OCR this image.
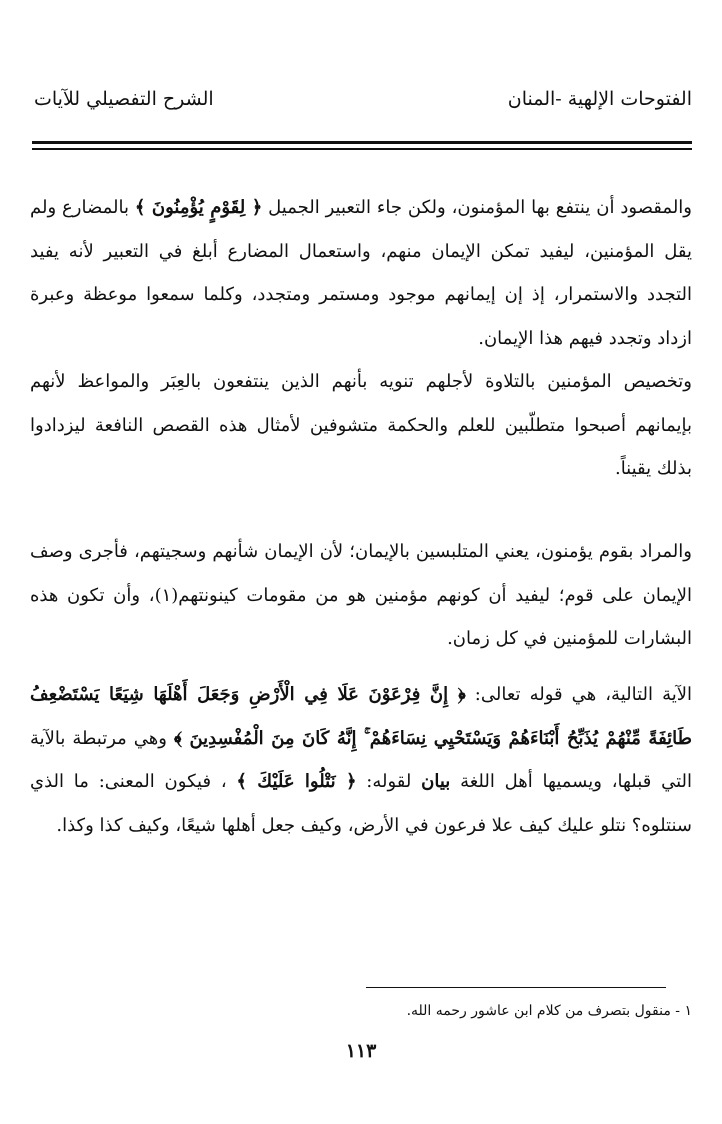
الفتوحات الإلهية -المنان
الشرح التفصيلي للآيات

والمقصود أن ينتفع بها المؤمنون، ولكن جاء التعبير الجميل ﴿ لِقَوْمٍ يُؤْمِنُونَ ﴾ بالمضارع ولم يقل المؤمنين، ليفيد تمكن الإيمان منهم، واستعمال المضارع أبلغ في التعبير لأنه يفيد التجدد والاستمرار، إذ إن إيمانهم موجود ومستمر ومتجدد، وكلما سمعوا موعظة وعبرة ازداد وتجدد فيهم هذا الإيمان.

وتخصيص المؤمنين بالتلاوة لأجلهم تنويه بأنهم الذين ينتفعون بالعِبَر والمواعظ لأنهم بإيمانهم أصبحوا متطلّبين للعلم والحكمة متشوفين لأمثال هذه القصص النافعة ليزدادوا بذلك يقيناً.

والمراد بقوم يؤمنون، يعني المتلبسين بالإيمان؛ لأن الإيمان شأنهم وسجيتهم، فأجرى وصف الإيمان على قوم؛ ليفيد أن كونهم مؤمنين هو من مقومات كينونتهم(١)، وأن تكون هذه البشارات للمؤمنين في كل زمان.

الآية التالية، هي قوله تعالى: ﴿ إِنَّ فِرْعَوْنَ عَلَا فِي الْأَرْضِ وَجَعَلَ أَهْلَهَا شِيَعًا يَسْتَضْعِفُ طَائِفَةً مِّنْهُمْ يُذَبِّحُ أَبْنَاءَهُمْ وَيَسْتَحْيِي نِسَاءَهُمْ ۚ إِنَّهُ كَانَ مِنَ الْمُفْسِدِينَ ﴾ وهي مرتبطة بالآية التي قبلها، ويسميها أهل اللغة بيان لقوله: ﴿ نَتْلُوا عَلَيْكَ ﴾ ، فيكون المعنى: ما الذي سنتلوه؟ نتلو عليك كيف علا فرعون في الأرض، وكيف جعل أهلها شيعًا، وكيف كذا وكذا.

١ - منقول بتصرف من كلام ابن عاشور رحمه الله.
١١٣
